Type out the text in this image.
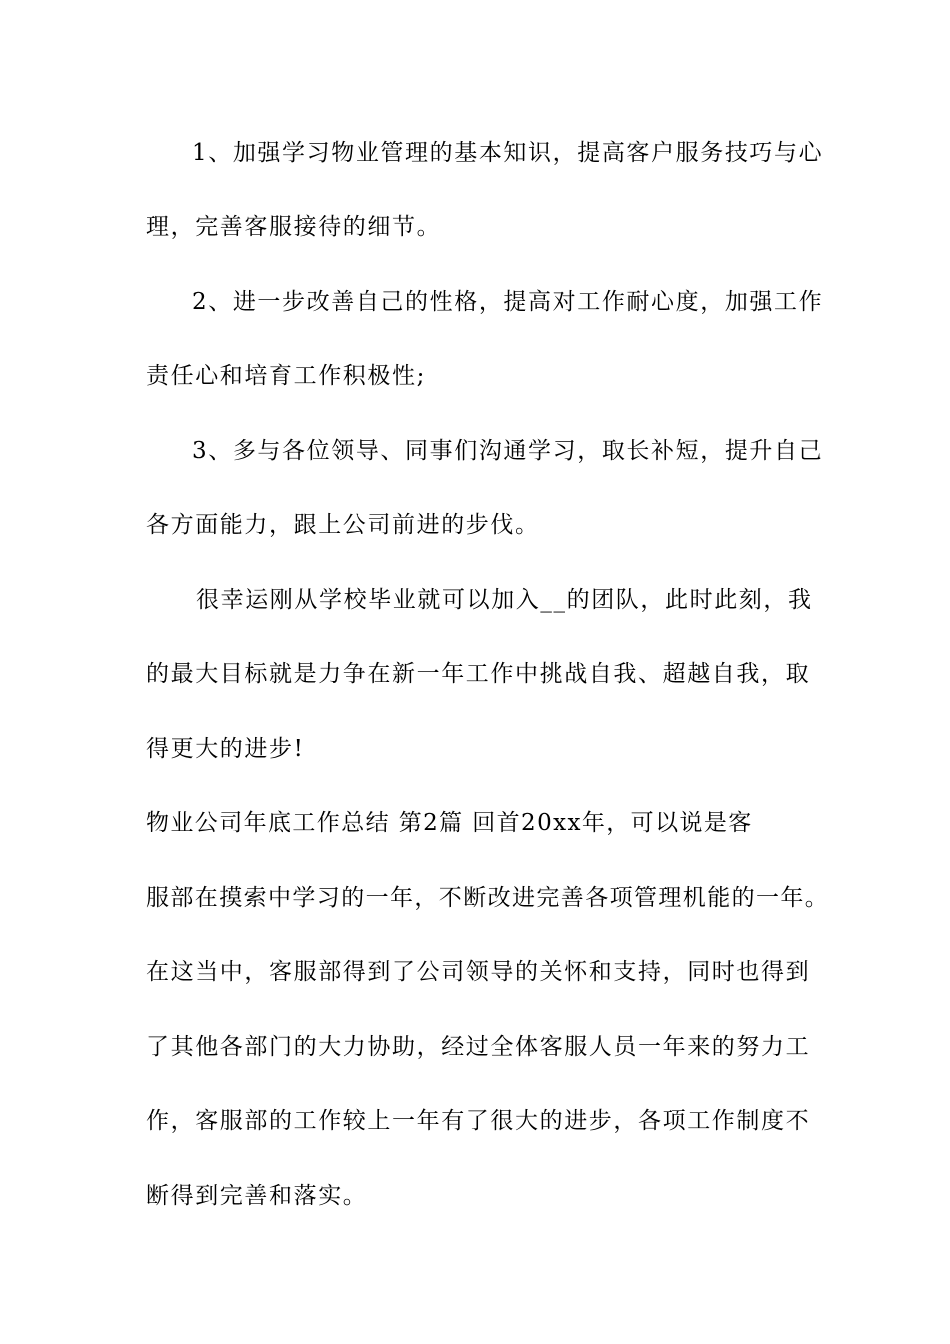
1、加强学习物业管理的基本知识，提高客户服务技巧与心
理，完善客服接待的细节。
2、进一步改善自己的性格，提高对工作耐心度，加强工作
责任心和培育工作积极性;
3、多与各位领导、同事们沟通学习，取长补短，提升自己
各方面能力，跟上公司前进的步伐。
很幸运刚从学校毕业就可以加入__的团队，此时此刻，我
的最大目标就是力争在新一年工作中挑战自我、超越自我，取
得更大的进步!
物业公司年底工作总结 第2篇 回首20xx年，可以说是客
服部在摸索中学习的一年，不断改进完善各项管理机能的一年。
在这当中，客服部得到了公司领导的关怀和支持，同时也得到
了其他各部门的大力协助，经过全体客服人员一年来的努力工
作，客服部的工作较上一年有了很大的进步，各项工作制度不
断得到完善和落实。
